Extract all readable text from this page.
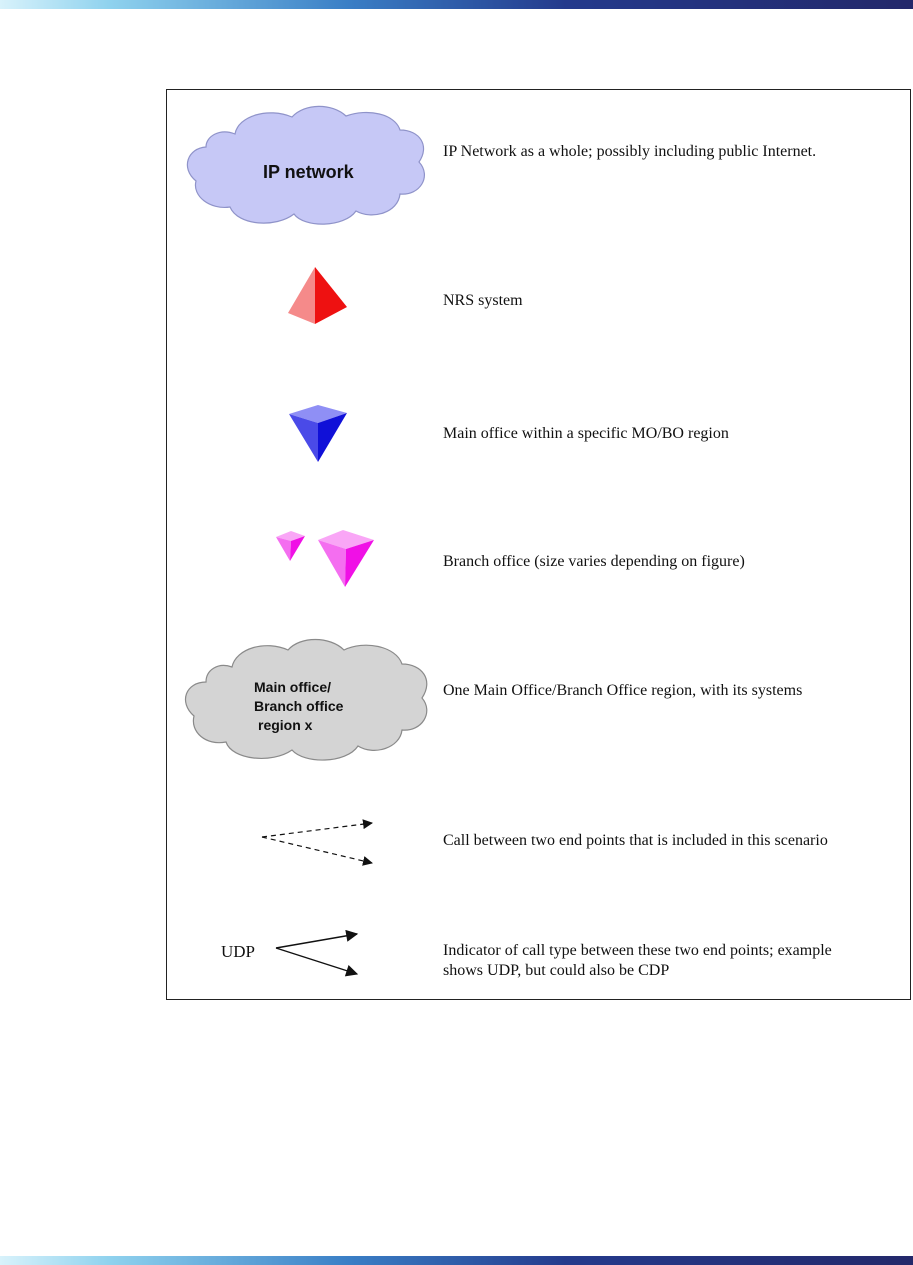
IP network
Main office/
Branch office
region x
IP Network as a whole; possibly including public Internet.
NRS system
Main office within a specific MO/BO region
Branch office (size varies depending on figure)
One Main Office/Branch Office region, with its systems
Call between two end points that is included in this scenario
Indicator of call type between these two end points; example
shows UDP, but could also be CDP
UDP
